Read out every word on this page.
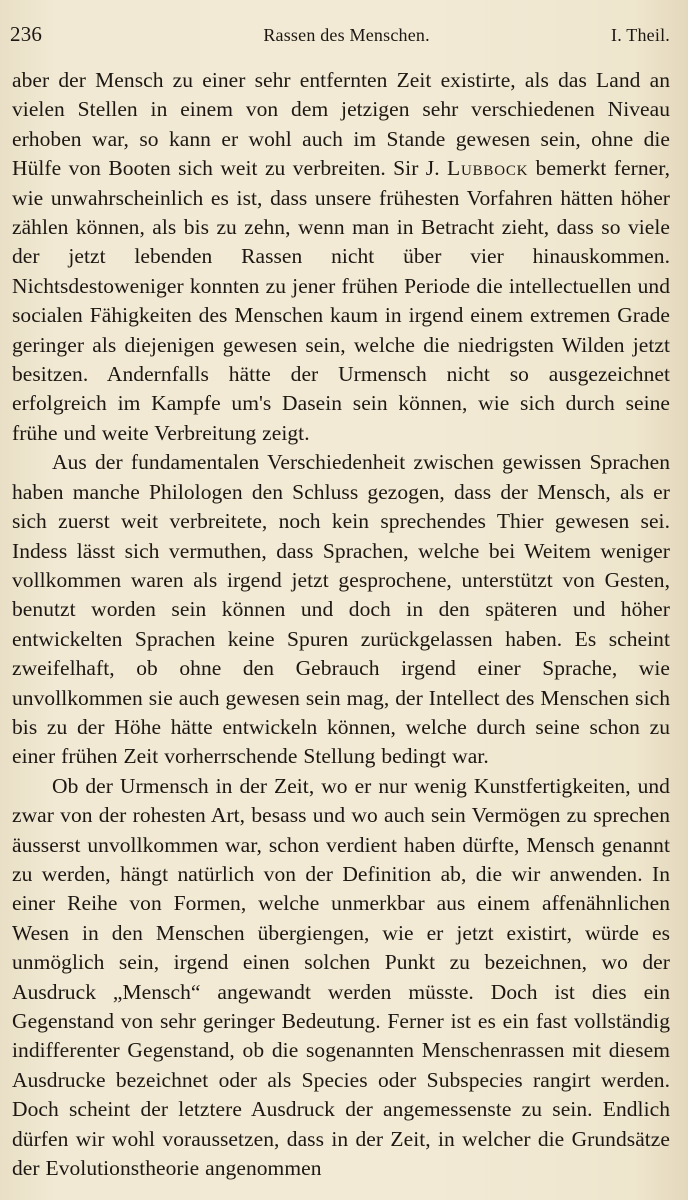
236	Rassen des Menschen.	I. Theil.

aber der Mensch zu einer sehr entfernten Zeit existirte, als das Land an vielen Stellen in einem von dem jetzigen sehr verschiedenen Niveau erhoben war, so kann er wohl auch im Stande gewesen sein, ohne die Hülfe von Booten sich weit zu verbreiten. Sir J. Lubbock bemerkt ferner, wie unwahrscheinlich es ist, dass unsere frühesten Vorfahren hätten höher zählen können, als bis zu zehn, wenn man in Betracht zieht, dass so viele der jetzt lebenden Rassen nicht über vier hinauskommen. Nichtsdestoweniger konnten zu jener frühen Periode die intellectuellen und socialen Fähigkeiten des Menschen kaum in irgend einem extremen Grade geringer als diejenigen gewesen sein, welche die niedrigsten Wilden jetzt besitzen. Andernfalls hätte der Urmensch nicht so ausgezeichnet erfolgreich im Kampfe um's Dasein sein können, wie sich durch seine frühe und weite Verbreitung zeigt.

Aus der fundamentalen Verschiedenheit zwischen gewissen Sprachen haben manche Philologen den Schluss gezogen, dass der Mensch, als er sich zuerst weit verbreitete, noch kein sprechendes Thier gewesen sei. Indess lässt sich vermuthen, dass Sprachen, welche bei Weitem weniger vollkommen waren als irgend jetzt gesprochene, unterstützt von Gesten, benutzt worden sein können und doch in den späteren und höher entwickelten Sprachen keine Spuren zurückgelassen haben. Es scheint zweifelhaft, ob ohne den Gebrauch irgend einer Sprache, wie unvollkommen sie auch gewesen sein mag, der Intellect des Menschen sich bis zu der Höhe hätte entwickeln können, welche durch seine schon zu einer frühen Zeit vorherrschende Stellung bedingt war.

Ob der Urmensch in der Zeit, wo er nur wenig Kunstfertigkeiten, und zwar von der rohesten Art, besass und wo auch sein Vermögen zu sprechen äusserst unvollkommen war, schon verdient haben dürfte, Mensch genannt zu werden, hängt natürlich von der Definition ab, die wir anwenden. In einer Reihe von Formen, welche unmerkbar aus einem affenähnlichen Wesen in den Menschen übergiengen, wie er jetzt existirt, würde es unmöglich sein, irgend einen solchen Punkt zu bezeichnen, wo der Ausdruck „Mensch“ angewandt werden müsste. Doch ist dies ein Gegenstand von sehr geringer Bedeutung. Ferner ist es ein fast vollständig indifferenter Gegenstand, ob die sogenannten Menschenrassen mit diesem Ausdrucke bezeichnet oder als Species oder Subspecies rangirt werden. Doch scheint der letztere Ausdruck der angemessenste zu sein. Endlich dürfen wir wohl voraussetzen, dass in der Zeit, in welcher die Grundsätze der Evolutionstheorie angenommen
